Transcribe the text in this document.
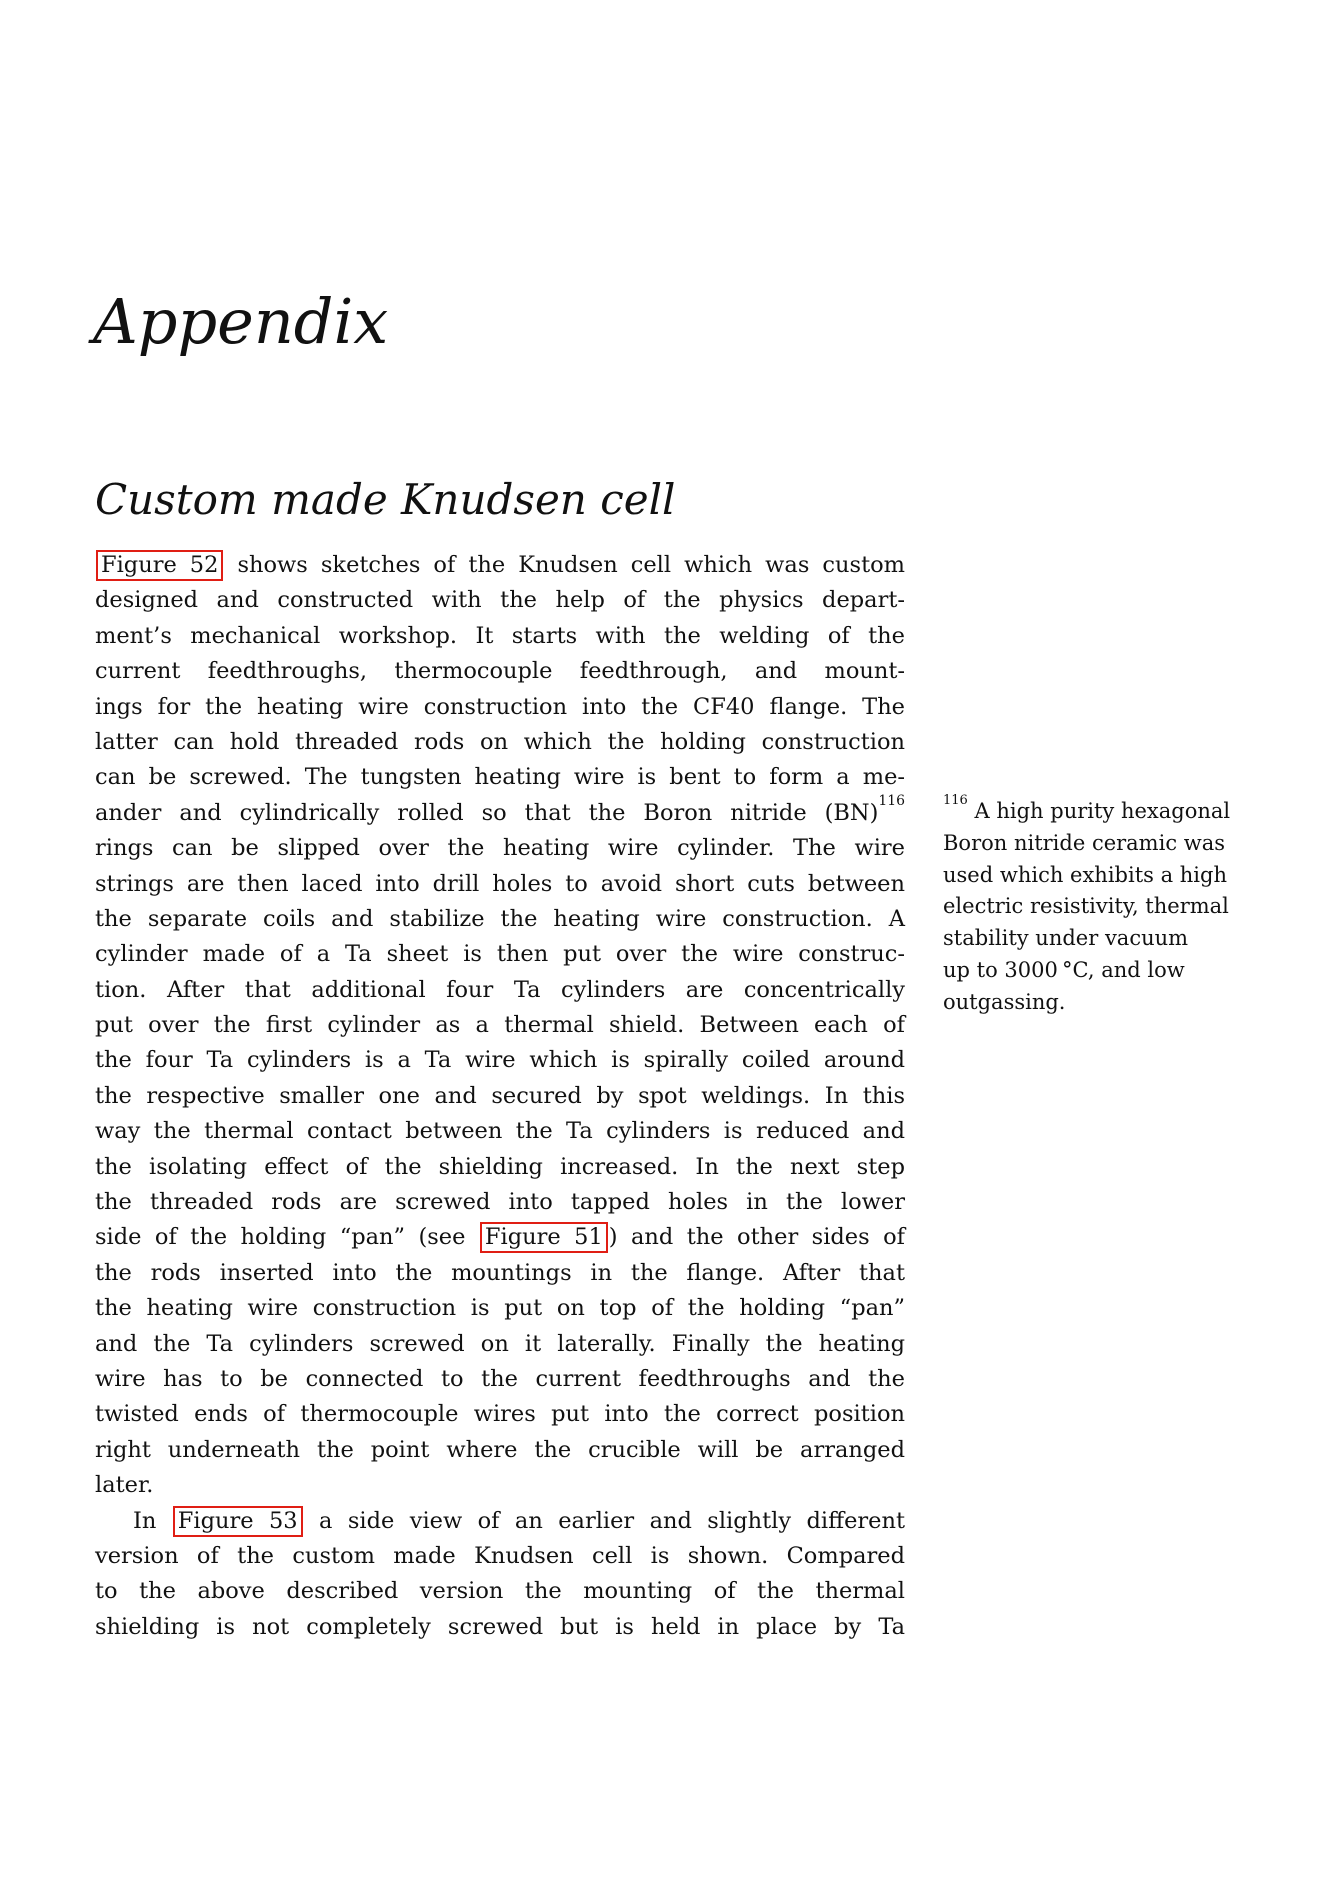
Appendix
Custom made Knudsen cell
Figure 52 shows sketches of the Knudsen cell which was custom
designed and constructed with the help of the physics depart-
ment’s mechanical workshop. It starts with the welding of the
current feedthroughs, thermocouple feedthrough, and mount-
ings for the heating wire construction into the CF40 flange. The
latter can hold threaded rods on which the holding construction
can be screwed. The tungsten heating wire is bent to form a me-
ander and cylindrically rolled so that the Boron nitride (BN)$^{116}$
rings can be slipped over the heating wire cylinder. The wire
strings are then laced into drill holes to avoid short cuts between
the separate coils and stabilize the heating wire construction. A
cylinder made of a Ta sheet is then put over the wire construc-
tion. After that additional four Ta cylinders are concentrically
put over the first cylinder as a thermal shield. Between each of
the four Ta cylinders is a Ta wire which is spirally coiled around
the respective smaller one and secured by spot weldings. In this
way the thermal contact between the Ta cylinders is reduced and
the isolating effect of the shielding increased. In the next step
the threaded rods are screwed into tapped holes in the lower
side of the holding “pan” (see Figure 51 ) and the other sides of
the rods inserted into the mountings in the flange. After that
the heating wire construction is put on top of the holding “pan”
and the Ta cylinders screwed on it laterally. Finally the heating
wire has to be connected to the current feedthroughs and the
twisted ends of thermocouple wires put into the correct position
right underneath the point where the crucible will be arranged
later.
In Figure 53 a side view of an earlier and slightly different
version of the custom made Knudsen cell is shown. Compared
to the above described version the mounting of the thermal
shielding is not completely screwed but is held in place by Ta
$^{116}$ A high purity hexagonal
Boron nitride ceramic was
used which exhibits a high
electric resistivity, thermal
stability under vacuum
up to 3000 °C, and low
outgassing.
